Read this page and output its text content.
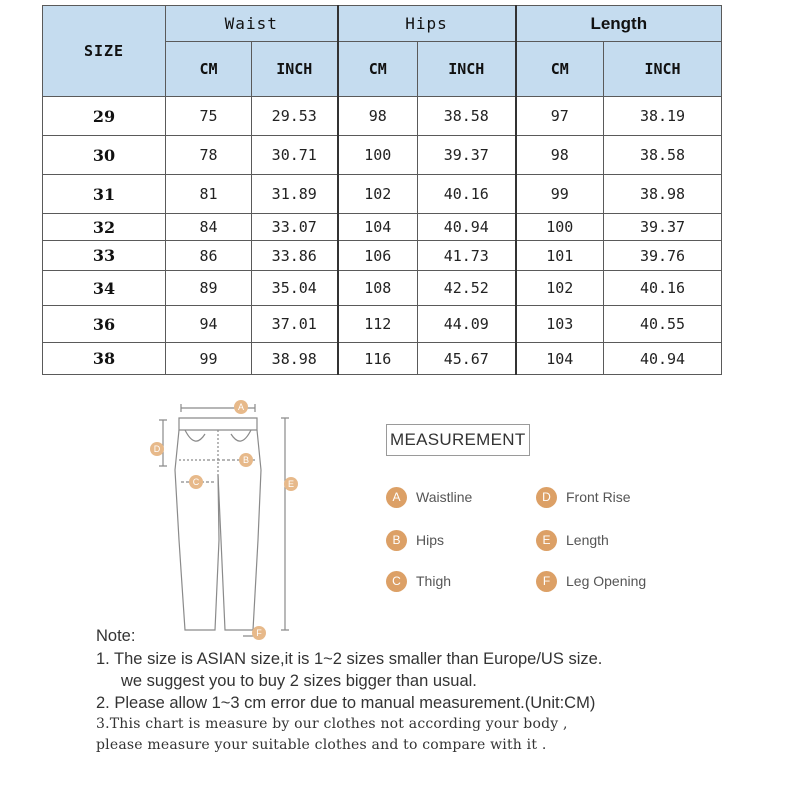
SIZE	Waist		Hips		Length	
	CM	INCH	CM	INCH	CM	INCH
29	75	29.53	98	38.58	97	38.19
30	78	30.71	100	39.37	98	38.58
31	81	31.89	102	40.16	99	38.98
32	84	33.07	104	40.94	100	39.37
33	86	33.86	106	41.73	101	39.76
34	89	35.04	108	42.52	102	40.16
36	94	37.01	112	44.09	103	40.55
38	99	38.98	116	45.67	104	40.94
A
B
C
D
E
F
MEASUREMENT
A	Waistline
B	Hips
C	Thigh
D	Front Rise
E	Length
F	Leg Opening
Note:
1. The size is ASIAN size,it is 1~2 sizes smaller than Europe/US size.
we suggest you to buy 2 sizes bigger than usual.
2. Please allow 1~3 cm error due to manual measurement.(Unit:CM)
3.This chart is measure by our clothes not according your body ,
please measure your suitable clothes and to compare with it .
